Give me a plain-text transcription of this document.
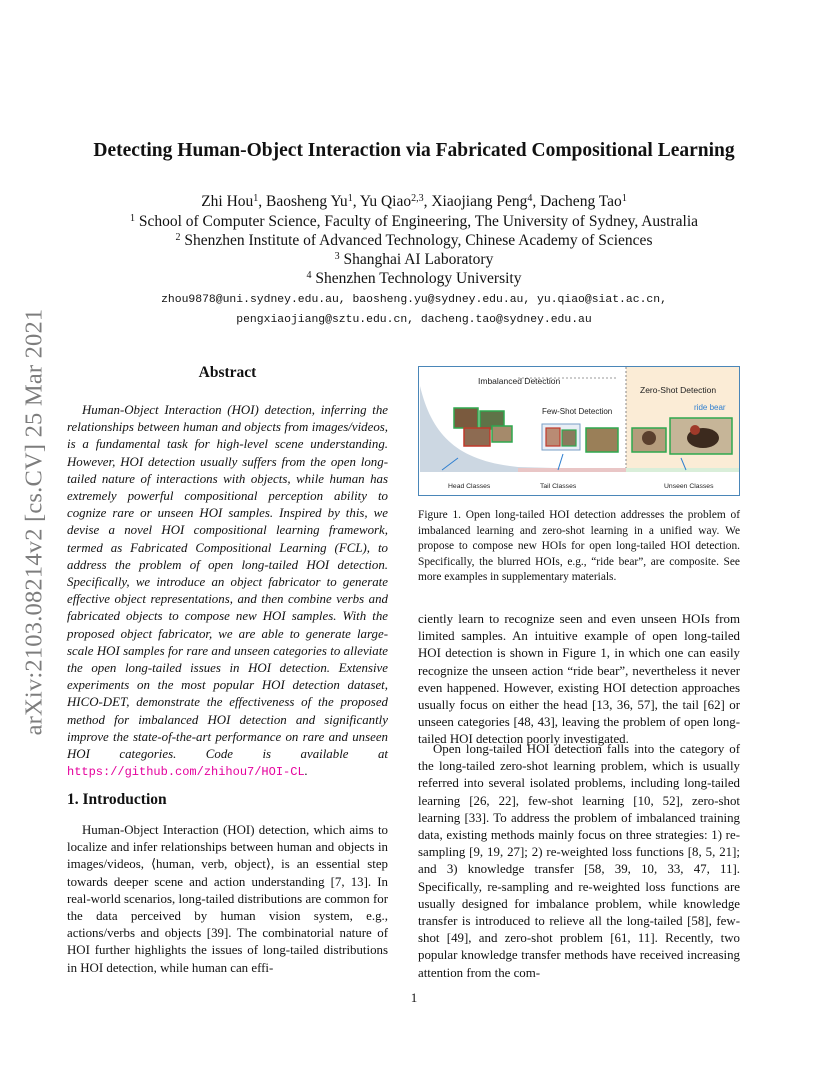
arXiv:2103.08214v2 [cs.CV] 25 Mar 2021
Detecting Human-Object Interaction via Fabricated Compositional Learning
Zhi Hou$^1$, Baosheng Yu$^1$, Yu Qiao$^{2,3}$, Xiaojiang Peng$^4$, Dacheng Tao$^1$
$^1$ School of Computer Science, Faculty of Engineering, The University of Sydney, Australia
$^2$ Shenzhen Institute of Advanced Technology, Chinese Academy of Sciences
$^3$ Shanghai AI Laboratory
$^4$ Shenzhen Technology University
zhou9878@uni.sydney.edu.au, baosheng.yu@sydney.edu.au, yu.qiao@siat.ac.cn,
pengxiaojiang@sztu.edu.cn, dacheng.tao@sydney.edu.au
Abstract
Human-Object Interaction (HOI) detection, inferring the relationships between human and objects from images/videos, is a fundamental task for high-level scene understanding. However, HOI detection usually suffers from the open long-tailed nature of interactions with objects, while human has extremely powerful compositional perception ability to cognize rare or unseen HOI samples. Inspired by this, we devise a novel HOI compositional learning framework, termed as Fabricated Compositional Learning (FCL), to address the problem of open long-tailed HOI detection. Specifically, we introduce an object fabricator to generate effective object representations, and then combine verbs and fabricated objects to compose new HOI samples. With the proposed object fabricator, we are able to generate large-scale HOI samples for rare and unseen categories to alleviate the open long-tailed issues in HOI detection. Extensive experiments on the most popular HOI detection dataset, HICO-DET, demonstrate the effectiveness of the proposed method for imbalanced HOI detection and significantly improve the state-of-the-art performance on rare and unseen HOI categories. Code is available at https://github.com/zhihou7/HOI-CL.
1. Introduction
Human-Object Interaction (HOI) detection, which aims to localize and infer relationships between human and objects in images/videos, ⟨human, verb, object⟩, is an essential step towards deeper scene and action understanding [7, 13]. In real-world scenarios, long-tailed distributions are common for the data perceived by human vision system, e.g., actions/verbs and objects [39]. The combinatorial nature of HOI further highlights the issues of long-tailed distributions in HOI detection, while human can effi-
Imbalanced Detection
Zero-Shot Detection
Few-Shot Detection	ride bear
Head Classes	Tail Classes	Unseen Classes
Figure 1. Open long-tailed HOI detection addresses the problem of imbalanced learning and zero-shot learning in a unified way. We propose to compose new HOIs for open long-tailed HOI detection. Specifically, the blurred HOIs, e.g., “ride bear”, are composite. See more examples in supplementary materials.
ciently learn to recognize seen and even unseen HOIs from limited samples. An intuitive example of open long-tailed HOI detection is shown in Figure 1, in which one can easily recognize the unseen action “ride bear”, nevertheless it never even happened. However, existing HOI detection approaches usually focus on either the head [13, 36, 57], the tail [62] or unseen categories [48, 43], leaving the problem of open long-tailed HOI detection poorly investigated.
Open long-tailed HOI detection falls into the category of the long-tailed zero-shot learning problem, which is usually referred into several isolated problems, including long-tailed learning [26, 22], few-shot learning [10, 52], zero-shot learning [33]. To address the problem of imbalanced training data, existing methods mainly focus on three strategies: 1) re-sampling [9, 19, 27]; 2) re-weighted loss functions [8, 5, 21]; and 3) knowledge transfer [58, 39, 10, 33, 47, 11]. Specifically, re-sampling and re-weighted loss functions are usually designed for imbalance problem, while knowledge transfer is introduced to relieve all the long-tailed [58], few-shot [49], and zero-shot problem [61, 11]. Recently, two popular knowledge transfer methods have received increasing attention from the com-
1
